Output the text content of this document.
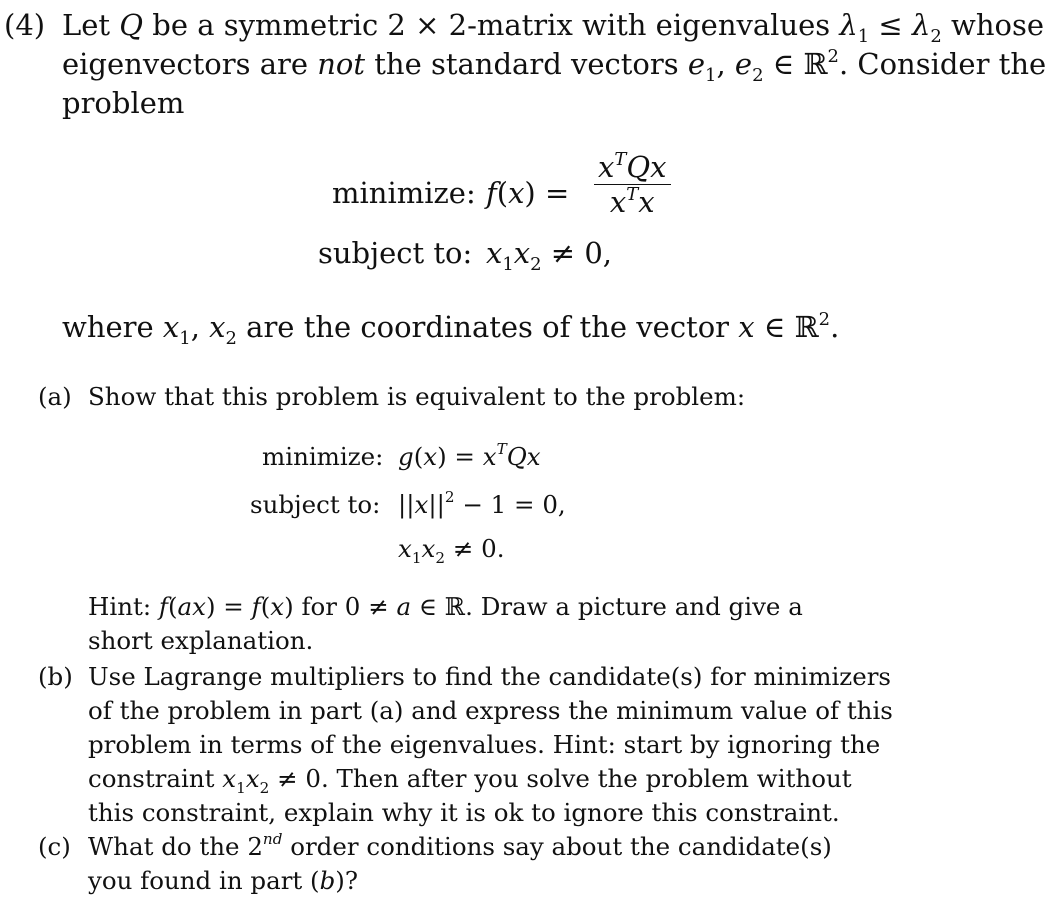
(4) Let Q be a symmetric 2 × 2-matrix with eigenvalues $\lambda_1 \le \lambda_2$ whose
eigenvectors are not the standard vectors $e_1$, $e_2$ ∈ ℝ$^2$. Consider the
problem
minimize: $f(x) = \frac{x^TQx}{x^Tx}$
subject to: $x_1x_2 \ne 0$,
where $x_1$, $x_2$ are the coordinates of the vector x ∈ ℝ$^2$.
(a) Show that this problem is equivalent to the problem:
minimize: $g(x) = x^TQx$
subject to: $||x||^2 - 1 = 0$,
$x_1x_2 \ne 0$.
Hint: f(ax) = f(x) for 0 ≠ a ∈ ℝ. Draw a picture and give a
short explanation.
(b) Use Lagrange multipliers to find the candidate(s) for minimizers
of the problem in part (a) and express the minimum value of this
problem in terms of the eigenvalues. Hint: start by ignoring the
constraint $x_1x_2 \ne 0$. Then after you solve the problem without
this constraint, explain why it is ok to ignore this constraint.
(c) What do the 2nd order conditions say about the candidate(s)
you found in part (b)?
